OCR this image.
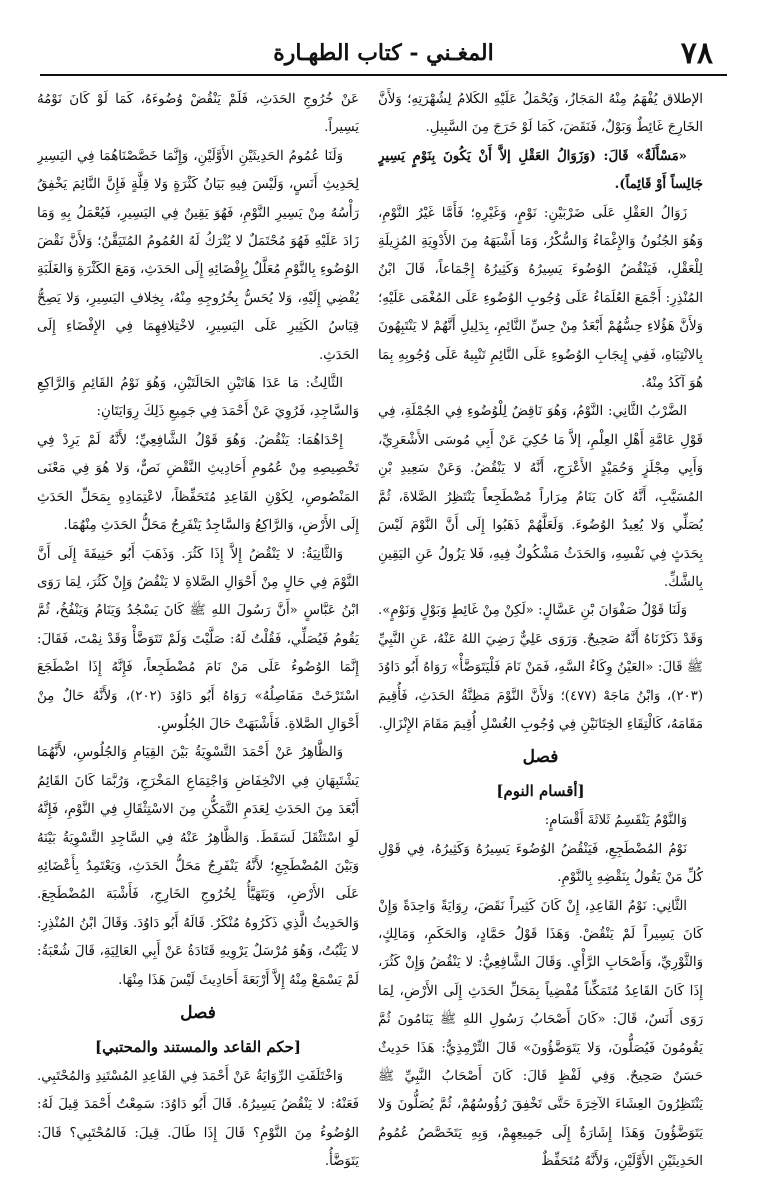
٧٨
المغـني - كتاب الطهـارة

الإطلاق يُفْهَمُ مِنْهُ المَجَازُ، وَيُحْمَلُ عَلَيْهِ الكَلامُ لِشُهْرَتِهِ؛ وَلأَنَّ الخَارِجَ غَائِطٌ وَبَوْلٌ، فَنَقَضَ، كَمَا لَوْ خَرَجَ مِنَ السَّبِيلِ.

«مَسْأَلَةٌ» قَالَ: (وَزَوَالُ العَقْلِ إلاَّ أَنْ يَكُونَ بِنَوْمٍ يَسِيرٍ جَالِساً أَوْ قَائِماً).

زَوَالُ العَقْلِ عَلَى ضَرْبَيْنِ: نَوْمٍ، وَغَيْرِهِ؛ فَأَمَّا غَيْرُ النَّوْمِ، وَهُوَ الجُنُونُ وَالإِغْمَاءُ وَالسُّكْرُ، وَمَا أَشْبَهَهُ مِنَ الأَدْوِيَةِ المُزِيلَةِ لِلْعَقْلِ، فَيَنْقُضُ الوُضُوءَ يَسِيرُهُ وَكَثِيرُهُ إِجْمَاعاً، قَالَ ابْنُ المُنْذِرِ: أَجْمَعَ العُلَمَاءُ عَلَى وُجُوبِ الوُضُوءِ عَلَى المُغْمَى عَلَيْهِ؛ وَلأَنَّ هَؤُلاءِ حِسُّهُمْ أَبْعَدُ مِنْ حِسِّ النَّائِمِ، بِدَلِيلِ أَنَّهُمْ لا يَنْتَبِهُونَ بِالانْتِبَاهِ، فَفِي إِيجَابِ الوُضُوءِ عَلَى النَّائِمِ تَنْبِيهٌ عَلَى وُجُوبِهِ بِمَا هُوَ آكَدُ مِنْهُ.

الضَّرْبُ الثَّانِي: النَّوْمُ، وَهُوَ نَاقِضٌ لِلْوُضُوءِ فِي الجُمْلَةِ، فِي قَوْلِ عَامَّةِ أَهْلِ العِلْمِ، إلاَّ مَا حُكِيَ عَنْ أَبِي مُوسَى الأَشْعَرِيِّ، وَأَبِي مِجْلَزٍ وَحُمَيْدٍ الأَعْرَجِ، أَنَّهُ لا يَنْقُضُ. وَعَنْ سَعِيدِ بْنِ المُسَيَّبِ، أَنَّهُ كَانَ يَنَامُ مِرَاراً مُضْطَجِعاً يَنْتَظِرُ الصَّلاةَ، ثُمَّ يُصَلِّي وَلا يُعِيدُ الوُضُوءَ. وَلَعَلَّهُمْ ذَهَبُوا إِلَى أَنَّ النَّوْمَ لَيْسَ بِحَدَثٍ فِي نَفْسِهِ، وَالحَدَثُ مَشْكُوكٌ فِيهِ، فَلا يَزُولُ عَنِ اليَقِينِ بِالشَّكِّ.

وَلَنَا قَوْلُ صَفْوَانَ بْنِ عَسَّالٍ: «لَكِنْ مِنْ غَائِطٍ وَبَوْلٍ وَنَوْمٍ». وَقَدْ ذَكَرْنَاهُ أَنَّهُ صَحِيحٌ. وَرَوَى عَلِيٌّ رَضِيَ اللهُ عَنْهُ، عَنِ النَّبِيِّ ﷺ قَالَ: «العَيْنُ وِكَاءُ السَّهِ، فَمَنْ نَامَ فَلْيَتَوَضَّأْ» رَوَاهُ أَبُو دَاوُدَ (٢٠٣)، وَابْنُ مَاجَهْ (٤٧٧)؛ وَلأَنَّ النَّوْمَ مَظِنَّةُ الحَدَثِ، فَأُقِيمَ مَقَامَهُ، كَالْتِقَاءِ الخِتَانَيْنِ فِي وُجُوبِ الغُسْلِ أُقِيمَ مَقَامَ الإِنْزَالِ.

فصل

[أقسام النوم]

وَالنَّوْمُ يَنْقَسِمُ ثَلاثَةَ أَقْسَامٍ:

نَوْمُ المُضْطَجِعِ، فَيَنْقُضُ الوُضُوءَ يَسِيرُهُ وَكَثِيرُهُ، فِي قَوْلِ كُلِّ مَنْ يَقُولُ بِنَقْضِهِ بِالنَّوْمِ.

الثَّانِي: نَوْمُ القَاعِدِ، إِنْ كَانَ كَثِيراً نَقَضَ، رِوَايَةً وَاحِدَةً وَإِنْ كَانَ يَسِيراً لَمْ يَنْقُضْ. وَهَذَا قَوْلُ حَمَّادٍ، وَالحَكَمِ، وَمَالِكٍ، وَالثَّوْرِيِّ، وَأَصْحَابِ الرَّأْيِ. وَقَالَ الشَّافِعِيُّ: لا يَنْقُضُ وَإِنْ كَثُرَ، إِذَا كَانَ القَاعِدُ مُتَمَكِّناً مُفْضِياً بِمَحَلِّ الحَدَثِ إِلَى الأَرْضِ، لِمَا رَوَى أَنَسٌ، قَالَ: «كَانَ أَصْحَابُ رَسُولِ اللهِ ﷺ يَنَامُونَ ثُمَّ يَقُومُونَ فَيُصَلُّونَ، وَلا يَتَوَضَّؤُونَ» قَالَ التِّرْمِذِيُّ: هَذَا حَدِيثٌ حَسَنٌ صَحِيحٌ. وَفِي لَفْظٍ قَالَ: كَانَ أَصْحَابُ النَّبِيِّ ﷺ يَنْتَظِرُونَ العِشَاءَ الآخِرَةَ حَتَّى تَخْفِقَ رُؤُوسُهُمْ، ثُمَّ يُصَلُّونَ وَلا يَتَوَضَّؤُونَ وَهَذَا إِشَارَةٌ إِلَى جَمِيعِهِمْ، وَبِهِ يَتَخَصَّصُ عُمُومُ الحَدِيثَيْنِ الأَوَّلَيْنِ، وَلأَنَّهُ مُتَحَفِّظٌ

عَنْ خُرُوجِ الحَدَثِ، فَلَمْ يَنْقُضْ وُضُوءَهُ، كَمَا لَوْ كَانَ نَوْمُهُ يَسِيراً.

وَلَنَا عُمُومُ الحَدِيثَيْنِ الأَوَّلَيْنِ، وَإِنَّمَا خَصَّصْنَاهُمَا فِي اليَسِيرِ لِحَدِيثِ أَنَسٍ، وَلَيْسَ فِيهِ بَيَانُ كَثْرَةٍ وَلا قِلَّةٍ فَإِنَّ النَّائِمَ يَخْفِقُ رَأْسُهُ مِنْ يَسِيرِ النَّوْمِ، فَهُوَ يَقِينٌ فِي اليَسِيرِ، فَيُعْمَلُ بِهِ وَمَا زَادَ عَلَيْهِ فَهُوَ مُحْتَمَلٌ لا يُتْرَكُ لَهُ العُمُومُ المُتَيَقَّنُ؛ وَلأَنَّ نَقْضَ الوُضُوءِ بِالنَّوْمِ مُعَلَّلٌ بِإِفْضَائِهِ إِلَى الحَدَثِ، وَمَعَ الكَثْرَةِ وَالغَلَبَةِ يُفْضِي إِلَيْهِ، وَلا يُحَسُّ بِخُرُوجِهِ مِنْهُ، بِخِلافِ اليَسِيرِ، وَلا يَصِحُّ قِيَاسُ الكَثِيرِ عَلَى اليَسِيرِ، لاخْتِلافِهِمَا فِي الإِفْضَاءِ إِلَى الحَدَثِ.

الثَّالِثُ: مَا عَدَا هَاتَيْنِ الحَالَتَيْنِ، وَهُوَ نَوْمُ القَائِمِ وَالرَّاكِعِ وَالسَّاجِدِ، فَرُوِيَ عَنْ أَحْمَدَ فِي جَمِيعِ ذَلِكَ رِوَايَتَانِ:

إِحْدَاهُمَا: يَنْقُضُ. وَهُوَ قَوْلُ الشَّافِعِيِّ؛ لأَنَّهُ لَمْ يَرِدْ فِي تَخْصِيصِهِ مِنْ عُمُومِ أَحَادِيثِ النَّقْضِ نَصٌّ، وَلا هُوَ فِي مَعْنَى المَنْصُوصِ، لِكَوْنِ القَاعِدِ مُتَحَفِّظاً، لاعْتِمَادِهِ بِمَحَلِّ الحَدَثِ إِلَى الأَرْضِ، وَالرَّاكِعُ وَالسَّاجِدُ يَنْفَرِجُ مَحَلُّ الحَدَثِ مِنْهُمَا.

وَالثَّانِيَةُ: لا يَنْقُضُ إِلاَّ إِذَا كَثُرَ. وَذَهَبَ أَبُو حَنِيفَةَ إِلَى أَنَّ النَّوْمَ فِي حَالٍ مِنْ أَحْوَالِ الصَّلاةِ لا يَنْقُضُ وَإِنْ كَثُرَ، لِمَا رَوَى ابْنُ عَبَّاسٍ «أَنَّ رَسُولَ اللهِ ﷺ كَانَ يَسْجُدُ وَيَنَامُ وَيَنْفُخُ، ثُمَّ يَقُومُ فَيُصَلِّي، فَقُلْتُ لَهُ: صَلَّيْتَ وَلَمْ تَتَوَضَّأْ وَقَدْ نِمْتَ، فَقَالَ: إِنَّمَا الوُضُوءُ عَلَى مَنْ نَامَ مُضْطَجِعاً، فَإِنَّهُ إِذَا اضْطَجَعَ اسْتَرْخَتْ مَفَاصِلُهُ» رَوَاهُ أَبُو دَاوُدَ (٢٠٢)، وَلأَنَّهُ حَالٌ مِنْ أَحْوَالِ الصَّلاةِ. فَأَشْبَهَتْ حَالَ الجُلُوسِ.

وَالظَّاهِرُ عَنْ أَحْمَدَ التَّسْوِيَةُ بَيْنَ القِيَامِ وَالجُلُوسِ، لأَنَّهُمَا يَشْتَبِهَانِ فِي الانْخِفَاضِ وَاجْتِمَاعِ المَخْرَجِ، وَرُبَّمَا كَانَ القَائِمُ أَبْعَدَ مِنَ الحَدَثِ لِعَدَمِ التَّمَكُّنِ مِنَ الاسْتِثْقَالِ فِي النَّوْمِ، فَإِنَّهُ لَوِ اسْتَثْقَلَ لَسَقَطَ. وَالظَّاهِرُ عَنْهُ فِي السَّاجِدِ التَّسْوِيَةُ بَيْنَهُ وَبَيْنَ المُضْطَجِعِ؛ لأَنَّهُ يَنْفَرِجُ مَحَلُّ الحَدَثِ، وَيَعْتَمِدُ بِأَعْضَائِهِ عَلَى الأَرْضِ، وَيَتَهَيَّأُ لِخُرُوجِ الخَارِجِ، فَأَشْبَهَ المُضْطَجِعَ. وَالحَدِيثُ الَّذِي ذَكَرُوهُ مُنْكَرٌ. قَالَهُ أَبُو دَاوُدَ. وَقَالَ ابْنُ المُنْذِرِ: لا يَثْبُتُ، وَهُوَ مُرْسَلٌ يَرْوِيهِ قَتَادَةُ عَنْ أَبِي العَالِيَةِ، قَالَ شُعْبَةُ: لَمْ يَسْمَعْ مِنْهُ إِلاَّ أَرْبَعَةَ أَحَادِيثَ لَيْسَ هَذَا مِنْهَا.

فصل

[حكم القاعد والمستند والمحتبي]

وَاخْتَلَفَتِ الرِّوَايَةُ عَنْ أَحْمَدَ فِي القَاعِدِ المُسْتَنِدِ وَالمُحْتَبِي. فَعَنْهُ: لا يَنْقُضُ يَسِيرُهُ. قَالَ أَبُو دَاوُدَ: سَمِعْتُ أَحْمَدَ قِيلَ لَهُ: الوُضُوءُ مِنَ النَّوْمِ؟ قَالَ إِذَا طَالَ. قِيلَ: فَالمُحْتَبِي؟ قَالَ: يَتَوَضَّأُ.
